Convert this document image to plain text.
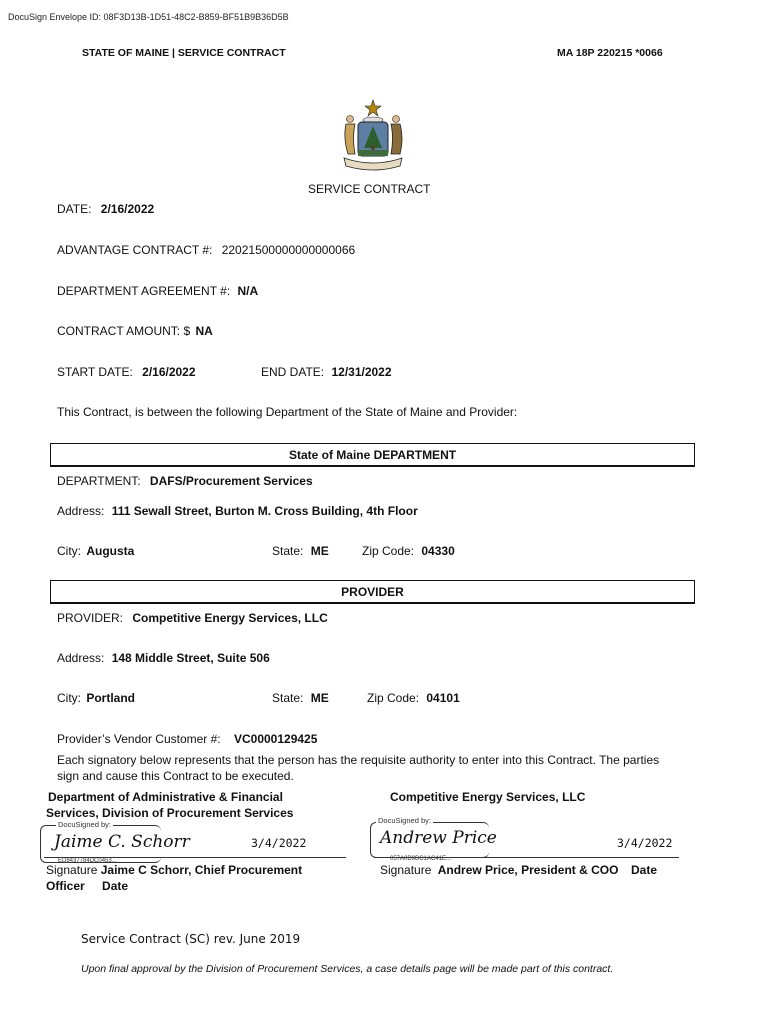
DocuSign Envelope ID: 08F3D13B-1D51-48C2-B859-BF51B9B36D5B
STATE OF MAINE | SERVICE CONTRACT	MA 18P 220215 *0066
SERVICE CONTRACT
DATE: 2/16/2022
ADVANTAGE CONTRACT #: 22021500000000000066
DEPARTMENT AGREEMENT #: N/A
CONTRACT AMOUNT: $ NA
START DATE: 2/16/2022	END DATE: 12/31/2022
This Contract, is between the following Department of the State of Maine and Provider:
State of Maine DEPARTMENT
DEPARTMENT: DAFS/Procurement Services
Address: 111 Sewall Street, Burton M. Cross Building, 4th Floor
City: Augusta	State: ME	Zip Code: 04330
PROVIDER
PROVIDER: Competitive Energy Services, LLC
Address: 148 Middle Street, Suite 506
City: Portland	State: ME	Zip Code: 04101
Provider’s Vendor Customer #: VC0000129425
Each signatory below represents that the person has the requisite authority to enter into this Contract. The parties
sign and cause this Contract to be executed.
Department of Administrative & Financial
Services, Division of Procurement Services
DocuSigned by:
Jaime C. Schorr	3/4/2022
ED8437784DC0453...
Signature Jaime C Schorr, Chief Procurement
Officer Date
Competitive Energy Services, LLC
DocuSigned by:
Andrew Price	3/4/2022
057A0D9DC1AC41E...
Signature Andrew Price, President & COO Date
Service Contract (SC) rev. June 2019
Upon final approval by the Division of Procurement Services, a case details page will be made part of this contract.
